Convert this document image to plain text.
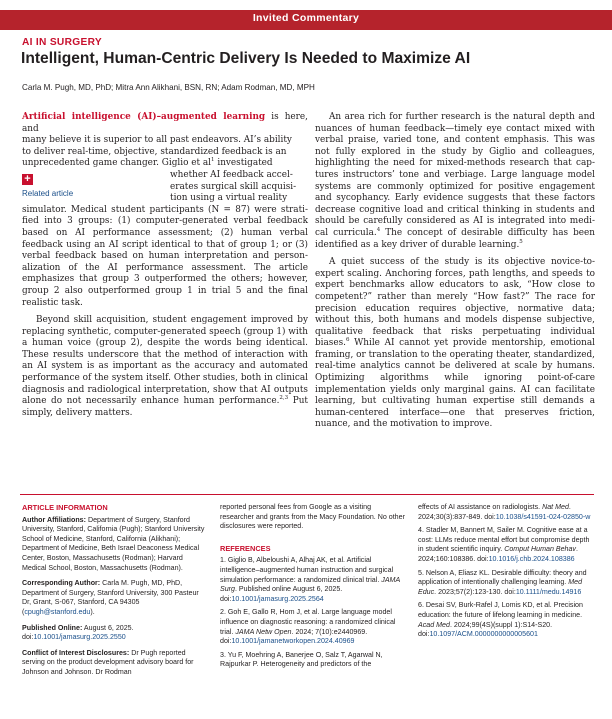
Invited Commentary
AI IN SURGERY
Intelligent, Human-Centric Delivery Is Needed to Maximize AI
Carla M. Pugh, MD, PhD; Mitra Ann Alikhani, BSN, RN; Adam Rodman, MD, MPH
Artificial intelligence (AI)–augmented learning is here, and
many believe it is superior to all past endeavors. AI’s ability
to deliver real-time, objective, standardized feedback is an
unprecedented game changer. Giglio et $al^1$ investigated
whether AI feedback accel-
erates surgical skill acquisi-
tion using a virtual reality
simulator. Medical student participants (N = 87) were stratified into 3 groups: (1) computer-generated verbal feedback based on AI performance assessment; (2) human verbal feedback using an AI script identical to that of group 1; or (3) verbal feedback based on human interpretation and personalization of the AI performance assessment. The article emphasizes that group 3 outperformed the others; however, group 2 also outperformed group 1 in trial 5 and the final realistic task.
Beyond skill acquisition, student engagement improved by replacing synthetic, computer-generated speech (group 1) with a human voice (group 2), despite the words being identical. These results underscore that the method of interaction with an AI system is as important as the accuracy and automated performance of the system itself. Other studies, both in clinical diagnosis and radiological interpretation, show that AI outputs alone do not necessarily enhance human performance.$^{2,3}$ Put simply, delivery matters.
+
Related article
An area rich for further research is the natural depth and nuances of human feedback—timely eye contact mixed with verbal praise, varied tone, and content emphasis. This was not fully explored in the study by Giglio and colleagues, highlighting the need for mixed-methods research that captures instructors’ tone and verbiage. Large language model systems are commonly optimized for positive engagement and sycophancy. Early evidence suggests that these factors decrease cognitive load and critical thinking in students and should be carefully considered as AI is integrated into medical curricula.$^4$ The concept of desirable difficulty has been identified as a key driver of durable learning.$^5$
A quiet success of the study is its objective novice-to-expert scaling. Anchoring forces, path lengths, and speeds to expert benchmarks allow educators to ask, “How close to competent?” rather than merely “How fast?” The race for precision education requires objective, normative data; without this, both humans and models dispense subjective, qualitative feedback that risks perpetuating individual biases.$^6$ While AI cannot yet provide mentorship, emotional framing, or translation to the operating theater, standardized, real-time analytics cannot be delivered at scale by humans. Optimizing algorithms while ignoring point-of-care implementation yields only marginal gains. AI can facilitate learning, but cultivating human expertise still demands a human-centered interface—one that preserves friction, nuance, and the motivation to improve.
ARTICLE INFORMATION
Author Affiliations: Department of Surgery, Stanford University, Stanford, California (Pugh); Stanford University School of Medicine, Stanford, California (Alikhani); Department of Medicine, Beth Israel Deaconess Medical Center, Boston, Massachusetts (Rodman); Harvard Medical School, Boston, Massachusetts (Rodman).
Corresponding Author: Carla M. Pugh, MD, PhD, Department of Surgery, Stanford University, 300 Pasteur Dr, Grant, S-067, Stanford, CA 94305 (cpugh@stanford.edu).
Published Online: August 6, 2025. doi:10.1001/jamasurg.2025.2550
Conflict of Interest Disclosures: Dr Pugh reported serving on the product development advisory board for Johnson and Johnson. Dr Rodman
reported personal fees from Google as a visiting researcher and grants from the Macy Foundation. No other disclosures were reported.
REFERENCES
1. Giglio B, Albeloushi A, Alhaj AK, et al. Artificial intelligence–augmented human instruction and surgical simulation performance: a randomized clinical trial. JAMA Surg. Published online August 6, 2025. doi:10.1001/jamasurg.2025.2564
2. Goh E, Gallo R, Hom J, et al. Large language model influence on diagnostic reasoning: a randomized clinical trial. JAMA Netw Open. 2024; 7(10):e2440969. doi:10.1001/jamanetworkopen.2024.40969
3. Yu F, Moehring A, Banerjee O, Salz T, Agarwal N, Rajpurkar P. Heterogeneity and predictors of the
effects of AI assistance on radiologists. Nat Med. 2024;30(3):837-849. doi:10.1038/s41591-024-02850-w
4. Stadler M, Bannert M, Sailer M. Cognitive ease at a cost: LLMs reduce mental effort but compromise depth in student scientific inquiry. Comput Human Behav. 2024;160:108386. doi:10.1016/j.chb.2024.108386
5. Nelson A, Eliasz KL. Desirable difficulty: theory and application of intentionally challenging learning. Med Educ. 2023;57(2):123-130. doi:10.1111/medu.14916
6. Desai SV, Burk-Rafel J, Lomis KD, et al. Precision education: the future of lifelong learning in medicine. Acad Med. 2024;99(4S)(suppl 1):S14-S20. doi:10.1097/ACM.0000000000005601
